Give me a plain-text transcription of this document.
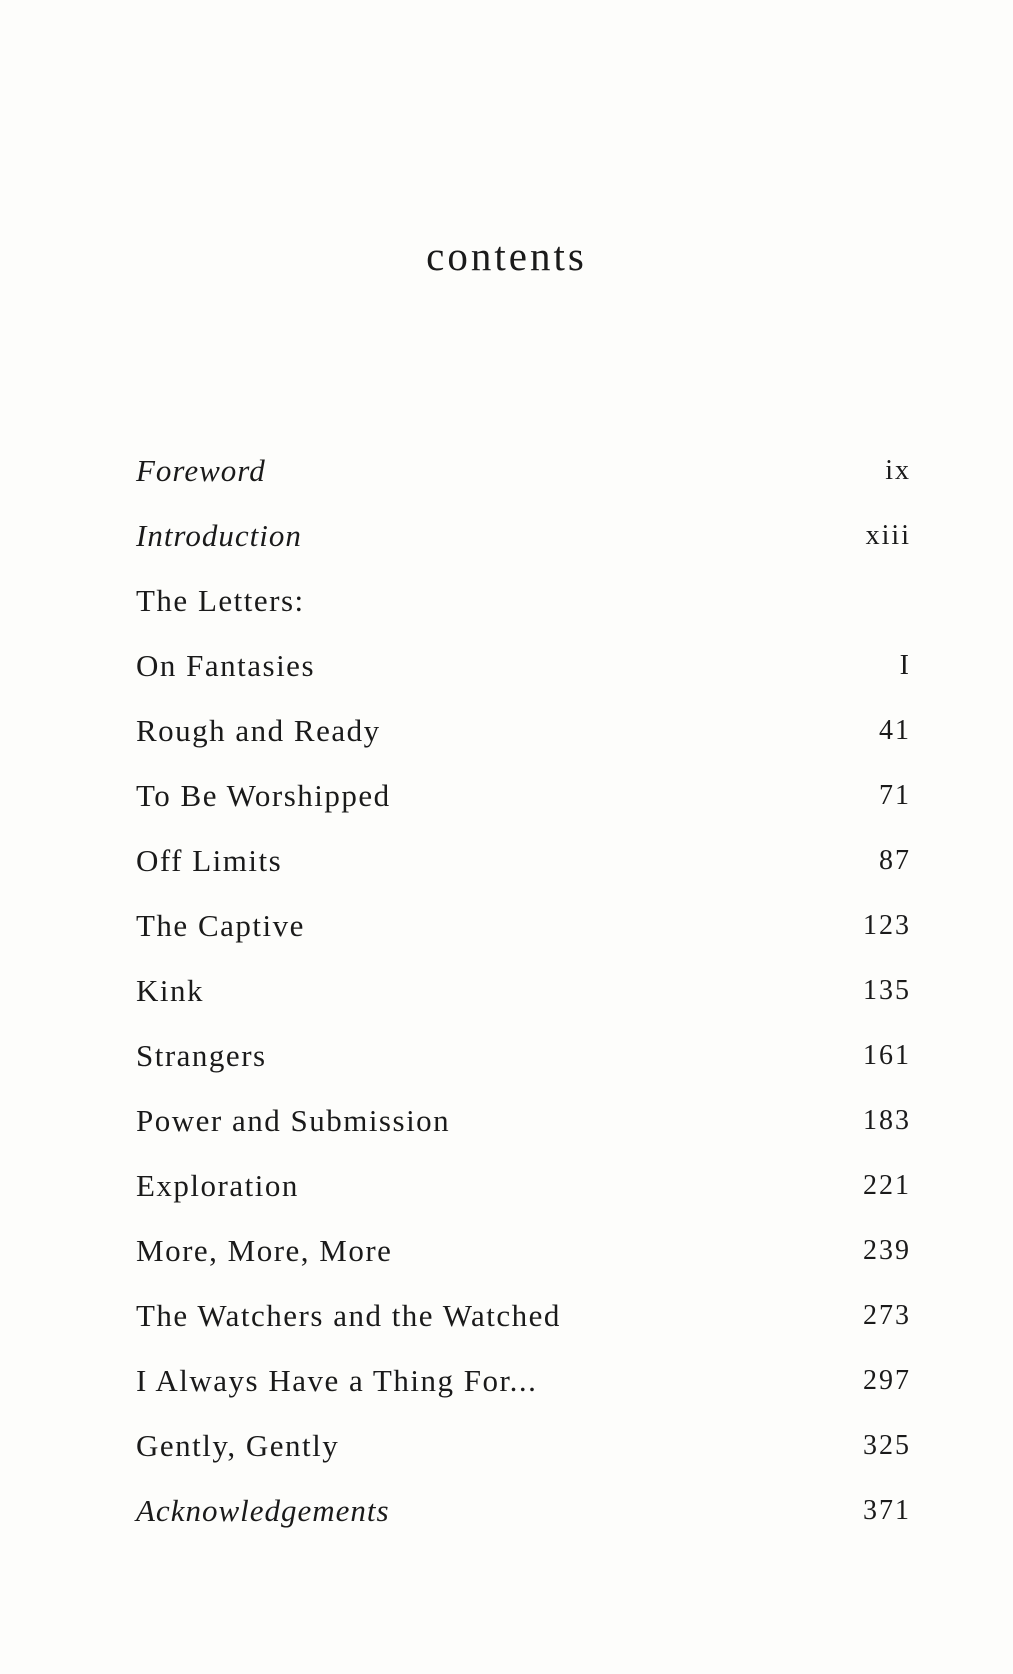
contents
Foreword	ix
Introduction	xiii
The Letters:
On Fantasies	I
Rough and Ready	41
To Be Worshipped	71
Off Limits	87
The Captive	123
Kink	135
Strangers	161
Power and Submission	183
Exploration	221
More, More, More	239
The Watchers and the Watched	273
I Always Have a Thing For...	297
Gently, Gently	325
Acknowledgements	371
